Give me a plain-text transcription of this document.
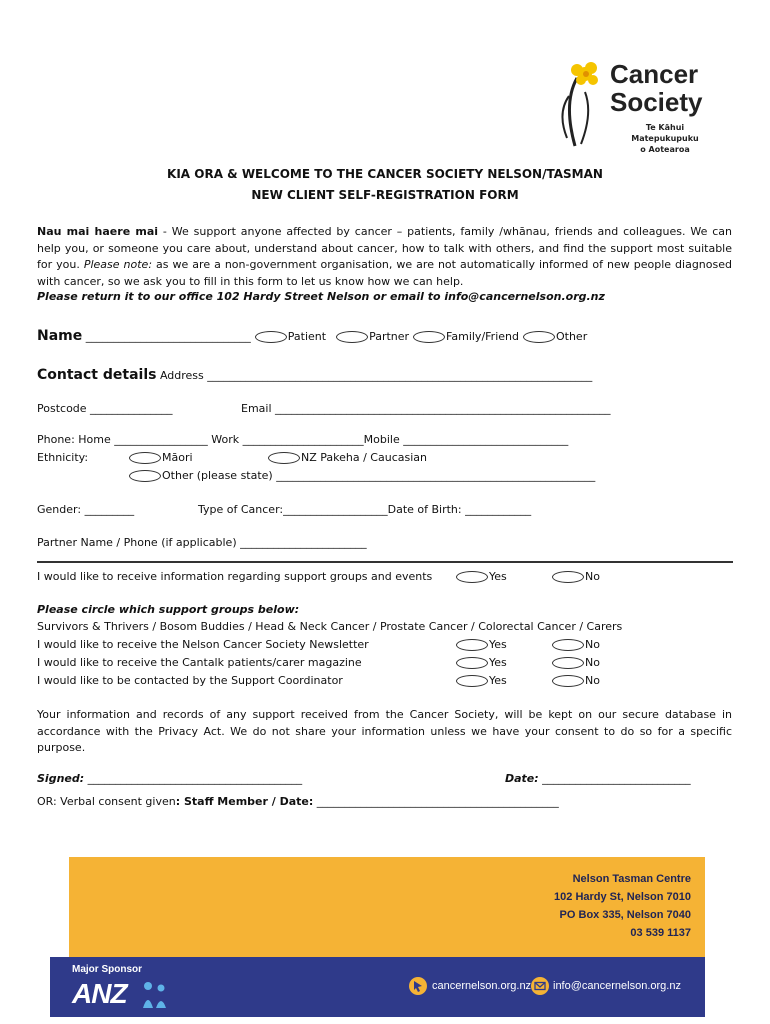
Cancer
Society
Te Kāhui Matepukupuku
o Aotearoa
KIA ORA & WELCOME TO THE CANCER SOCIETY NELSON/TASMAN
NEW CLIENT SELF-REGISTRATION FORM
Nau mai haere mai - We support anyone affected by cancer – patients, family /whānau, friends and colleagues. We can help you, or someone you care about, understand about cancer, how to talk with others, and find the support most suitable for you. Please note: as we are a non-government organisation, we are not automatically informed of new people diagnosed with cancer, so we ask you to fill in this form to let us know how we can help.
Please return it to our office 102 Hardy Street Nelson or email to info@cancernelson.org.nz
Name ______________________________	Patient	Partner	Family/Friend	Other
Contact details Address ______________________________________________________________________
Postcode _______________	Email _____________________________________________________________
Phone: Home _________________ Work ______________________Mobile ______________________________
Ethnicity:	Māori	NZ Pakeha / Caucasian
Other (please state) __________________________________________________________
Gender: _________	Type of Cancer:___________________Date of Birth: ____________
Partner Name / Phone (if applicable) _______________________
I would like to receive information regarding support groups and events	Yes	No
Please circle which support groups below:
Survivors & Thrivers / Bosom Buddies / Head & Neck Cancer / Prostate Cancer / Colorectal Cancer / Carers
I would like to receive the Nelson Cancer Society Newsletter	Yes	No
I would like to receive the Cantalk patients/carer magazine	Yes	No
I would like to be contacted by the Support Coordinator	Yes	No
Your information and records of any support received from the Cancer Society, will be kept on our secure database in accordance with the Privacy Act. We do not share your information unless we have your consent to do so for a specific purpose.
Signed: _______________________________________	Date: ___________________________
OR: Verbal consent given: Staff Member / Date: ____________________________________________
Nelson Tasman Centre
102 Hardy St, Nelson 7010
PO Box 335, Nelson 7040
03 539 1137
Major Sponsor
ANZ	cancernelson.org.nz info@cancernelson.org.nz
